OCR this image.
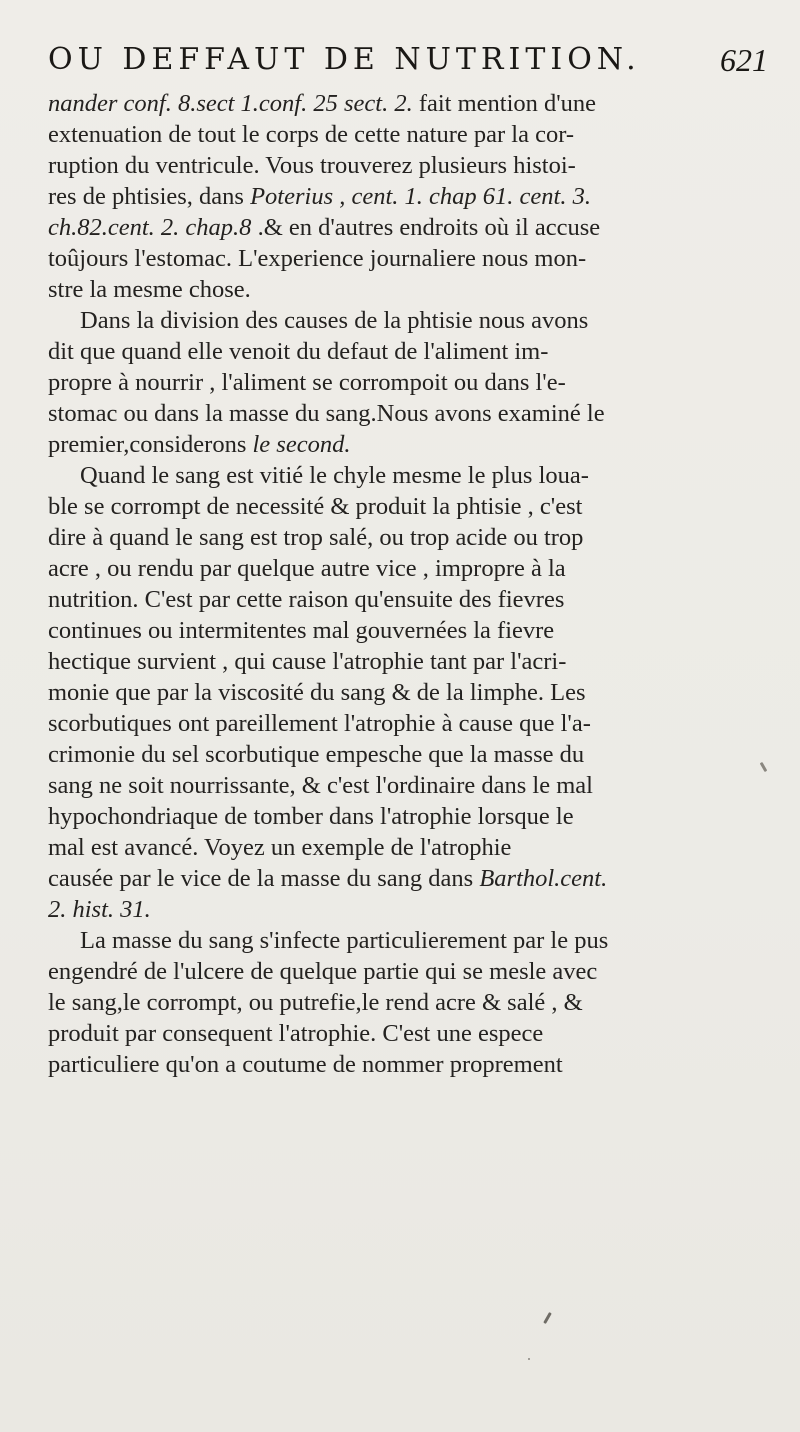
OU DEFFAUT DE NUTRITION. 621
nander conf. 8.sect 1.conf. 25 sect. 2. fait mention d'une
extenuation de tout le corps de cette nature par la cor-
ruption du ventricule. Vous trouverez plusieurs histoi-
res de phtisies, dans Poterius , cent. 1. chap 61. cent. 3.
ch.82.cent. 2. chap.8 .& en d'autres endroits où il accuse
toûjours l'estomac. L'experience journaliere nous mon-
stre la mesme chose.
Dans la division des causes de la phtisie nous avons
dit que quand elle venoit du defaut de l'aliment im-
propre à nourrir , l'aliment se corrompoit ou dans l'e-
stomac ou dans la masse du sang.Nous avons examiné le
premier,considerons le second.
Quand le sang est vitié le chyle mesme le plus loua-
ble se corrompt de necessité & produit la phtisie , c'est
dire à quand le sang est trop salé, ou trop acide ou trop
acre , ou rendu par quelque autre vice , impropre à la
nutrition. C'est par cette raison qu'ensuite des fievres
continues ou intermitentes mal gouvernées la fievre
hectique survient , qui cause l'atrophie tant par l'acri-
monie que par la viscosité du sang & de la limphe. Les
scorbutiques ont pareillement l'atrophie à cause que l'a-
crimonie du sel scorbutique empesche que la masse du
sang ne soit nourrissante, & c'est l'ordinaire dans le mal
hypochondriaque de tomber dans l'atrophie lorsque le
mal est avancé. Voyez un exemple de l'atrophie
causée par le vice de la masse du sang dans Barthol.cent.
2. hist. 31.
La masse du sang s'infecte particulierement par le pus
engendré de l'ulcere de quelque partie qui se mesle avec
le sang,le corrompt, ou putrefie,le rend acre & salé , &
produit par consequent l'atrophie. C'est une espece
particuliere qu'on a coutume de nommer proprement
